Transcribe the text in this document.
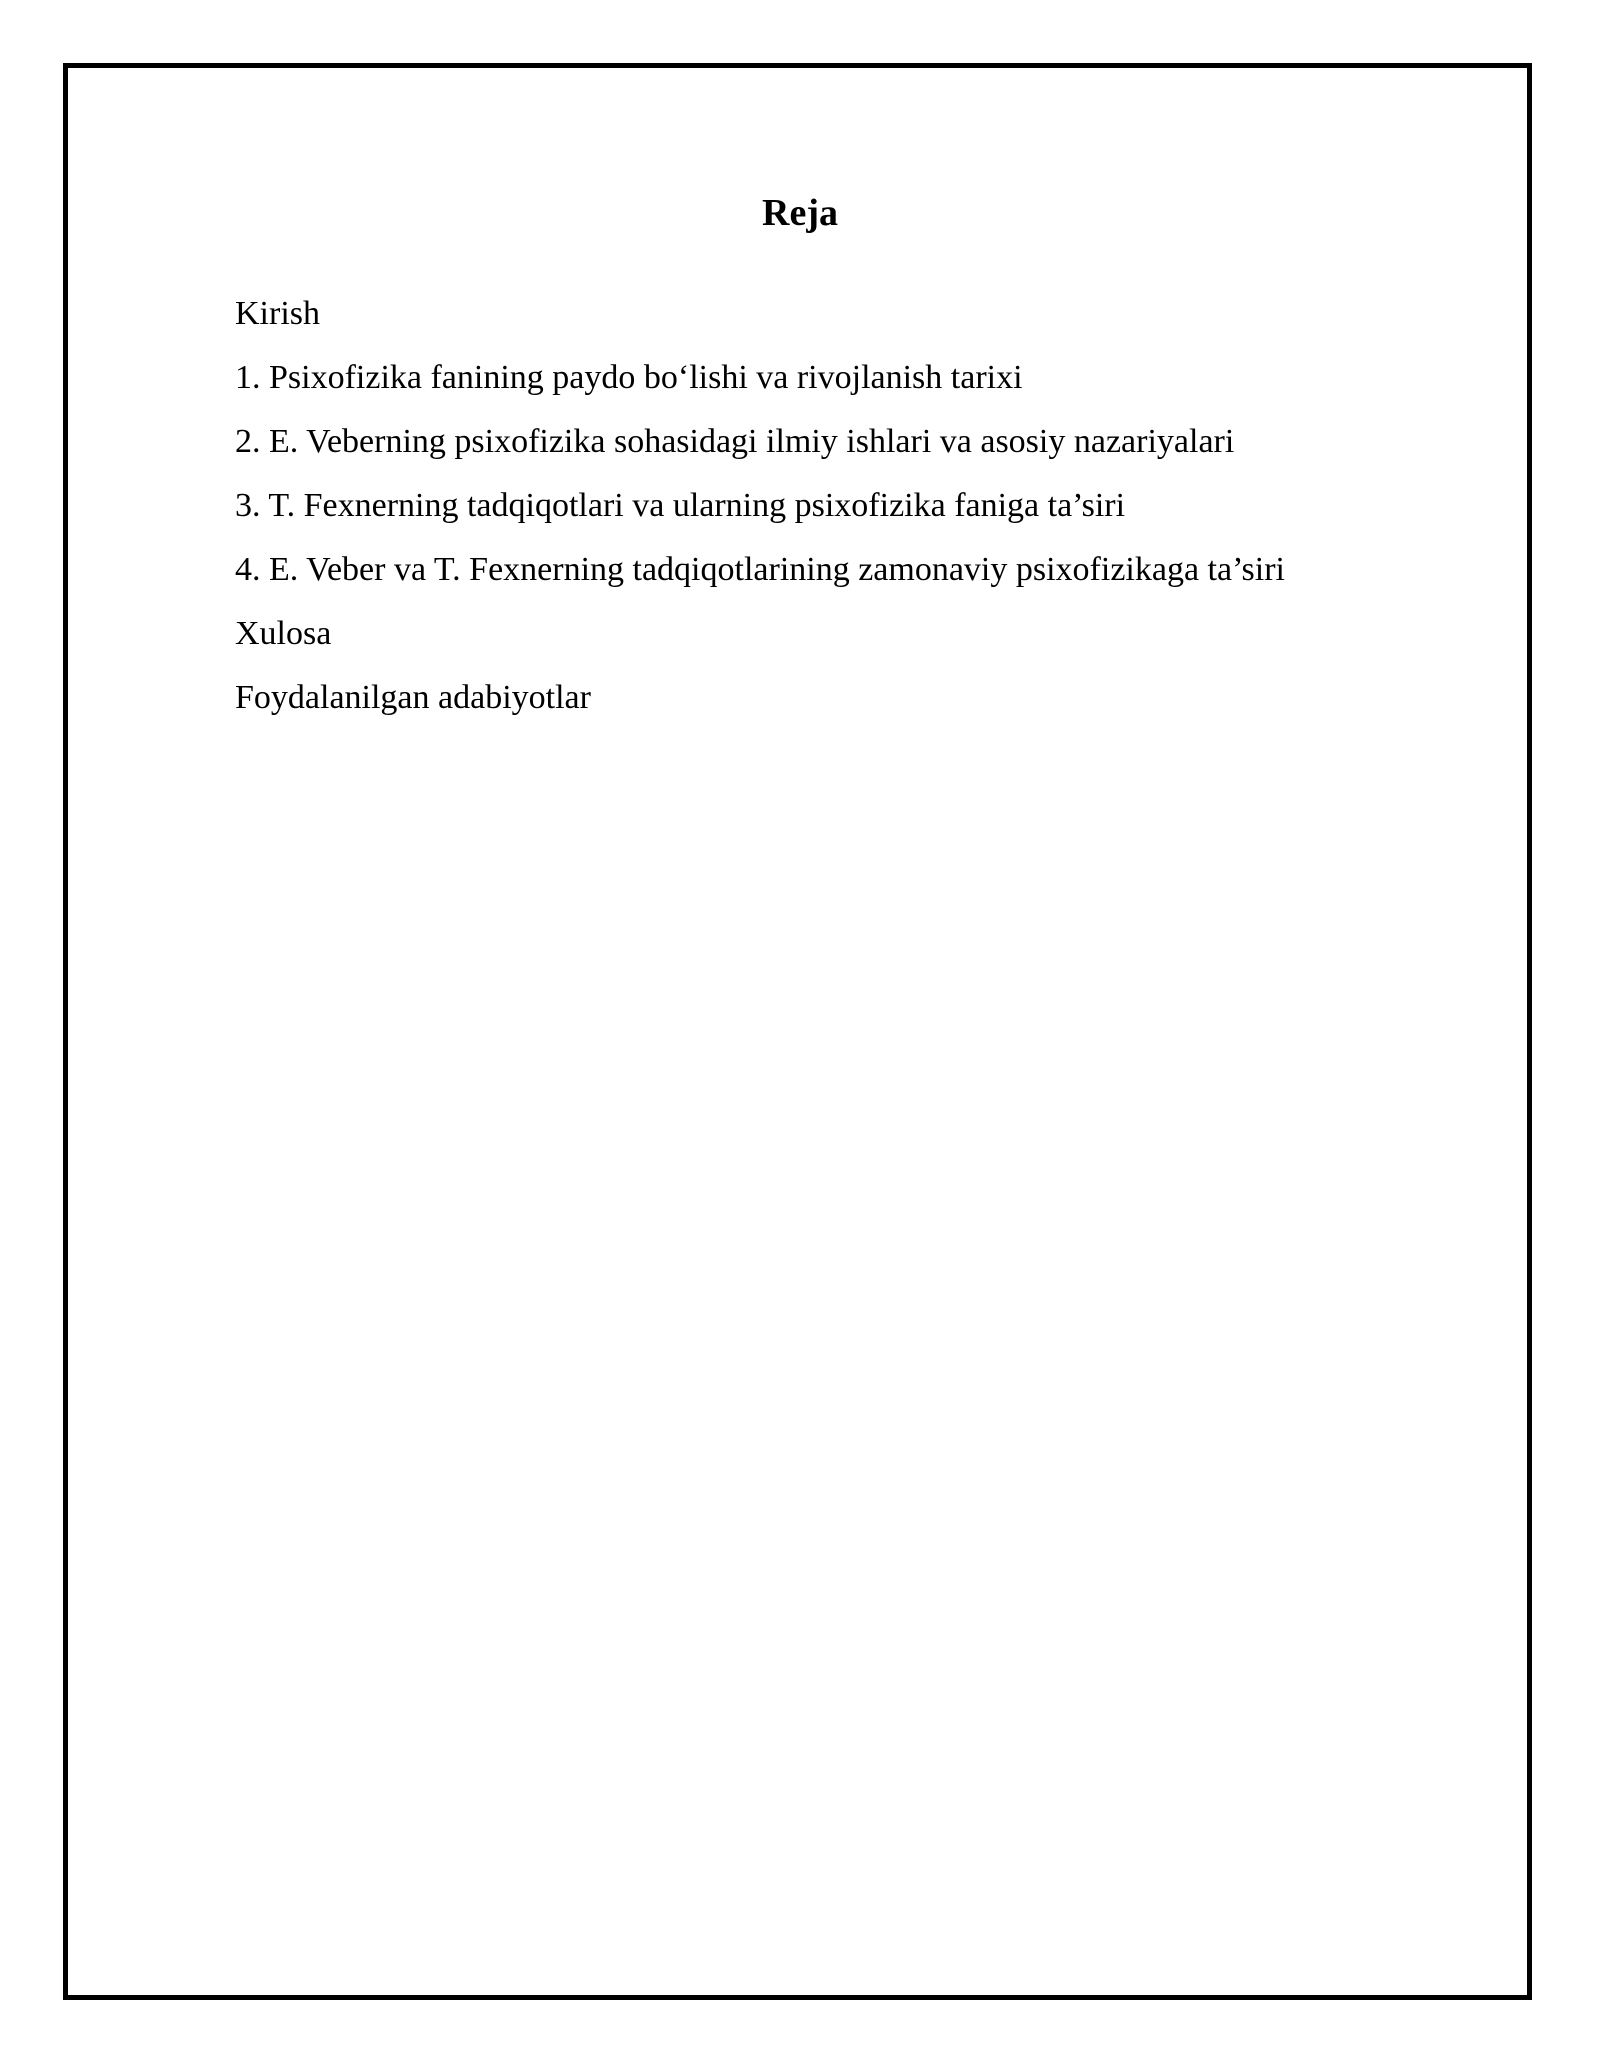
Reja
Kirish
1. Psixofizika fanining paydo bo‘lishi va rivojlanish tarixi
2. E. Veberning psixofizika sohasidagi ilmiy ishlari va asosiy nazariyalari
3. T. Fexnerning tadqiqotlari va ularning psixofizika faniga ta’siri
4. E. Veber va T. Fexnerning tadqiqotlarining zamonaviy psixofizikaga ta’siri
Xulosa
Foydalanilgan adabiyotlar
